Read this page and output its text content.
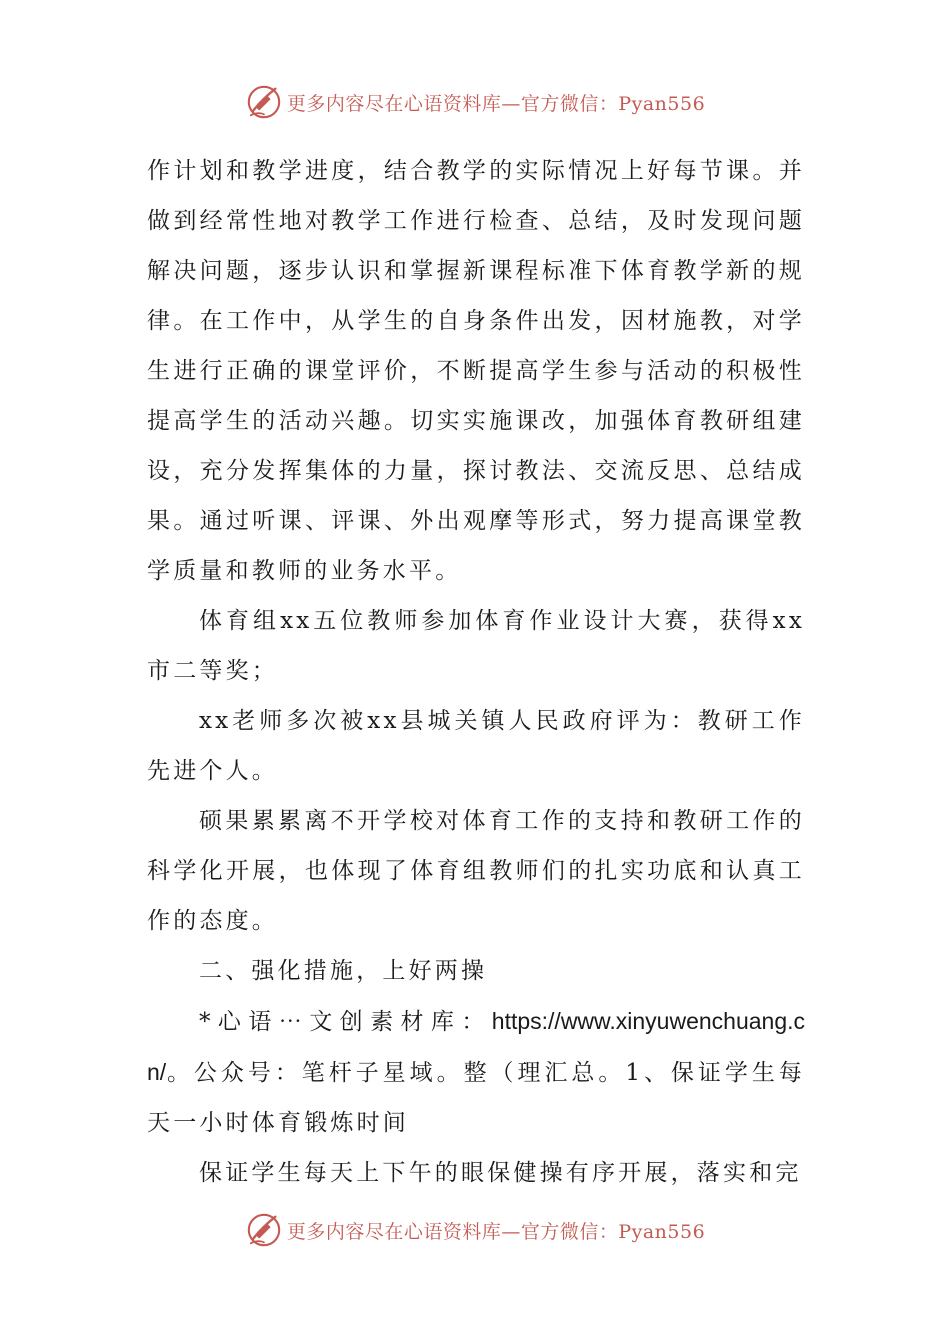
更多内容尽在心语资料库—官方微信：Pyan556

作计划和教学进度，结合教学的实际情况上好每节课。并做到经常性地对教学工作进行检查、总结，及时发现问题解决问题，逐步认识和掌握新课程标准下体育教学新的规律。在工作中，从学生的自身条件出发，因材施教，对学生进行正确的课堂评价，不断提高学生参与活动的积极性提高学生的活动兴趣。切实实施课改，加强体育教研组建设，充分发挥集体的力量，探讨教法、交流反思、总结成果。通过听课、评课、外出观摩等形式，努力提高课堂教学质量和教师的业务水平。

体育组xx五位教师参加体育作业设计大赛，获得xx市二等奖；

xx老师多次被xx县城关镇人民政府评为：教研工作先进个人。

硕果累累离不开学校对体育工作的支持和教研工作的科学化开展，也体现了体育组教师们的扎实功底和认真工作的态度。

二、强化措施，上好两操

*心语⋯文创素材库：https://www.xinyuwenchuang.cn/。公众号：笔杆子星域。整（理汇总。1、保证学生每天一小时体育锻炼时间

保证学生每天上下午的眼保健操有序开展，落实和完

更多内容尽在心语资料库—官方微信：Pyan556
